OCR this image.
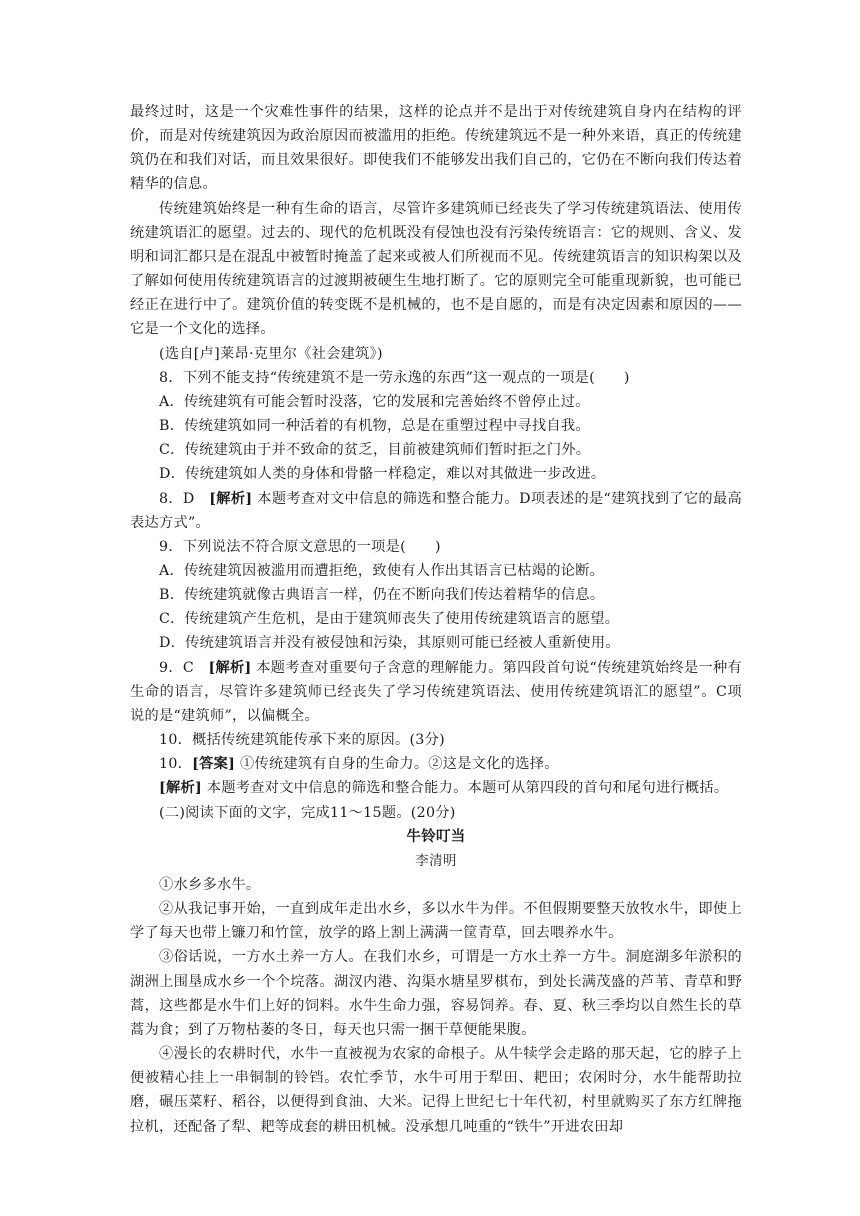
最终过时，这是一个灾难性事件的结果，这样的论点并不是出于对传统建筑自身内在结构的评价，而是对传统建筑因为政治原因而被滥用的拒绝。传统建筑远不是一种外来语，真正的传统建筑仍在和我们对话，而且效果很好。即使我们不能够发出我们自己的，它仍在不断向我们传达着精华的信息。

传统建筑始终是一种有生命的语言，尽管许多建筑师已经丧失了学习传统建筑语法、使用传统建筑语汇的愿望。过去的、现代的危机既没有侵蚀也没有污染传统语言：它的规则、含义、发明和词汇都只是在混乱中被暂时掩盖了起来或被人们所视而不见。传统建筑语言的知识构架以及了解如何使用传统建筑语言的过渡期被硬生生地打断了。它的原则完全可能重现新貌，也可能已经正在进行中了。建筑价值的转变既不是机械的，也不是自愿的，而是有决定因素和原因的——它是一个文化的选择。

(选自[卢]莱昂·克里尔《社会建筑》)

8．下列不能支持“传统建筑不是一劳永逸的东西”这一观点的一项是(　　)

A．传统建筑有可能会暂时没落，它的发展和完善始终不曾停止过。

B．传统建筑如同一种活着的有机物，总是在重塑过程中寻找自我。

C．传统建筑由于并不致命的贫乏，目前被建筑师们暂时拒之门外。

D．传统建筑如人类的身体和骨骼一样稳定，难以对其做进一步改进。

8．D　[解析] 本题考查对文中信息的筛选和整合能力。D项表述的是“建筑找到了它的最高表达方式”。

9．下列说法不符合原文意思的一项是(　　)

A．传统建筑因被滥用而遭拒绝，致使有人作出其语言已枯竭的论断。

B．传统建筑就像古典语言一样，仍在不断向我们传达着精华的信息。

C．传统建筑产生危机，是由于建筑师丧失了使用传统建筑语言的愿望。

D．传统建筑语言并没有被侵蚀和污染，其原则可能已经被人重新使用。

9．C　[解析] 本题考查对重要句子含意的理解能力。第四段首句说“传统建筑始终是一种有生命的语言，尽管许多建筑师已经丧失了学习传统建筑语法、使用传统建筑语汇的愿望”。C项说的是“建筑师”，以偏概全。

10．概括传统建筑能传承下来的原因。(3分)

10．[答案] ①传统建筑有自身的生命力。②这是文化的选择。

[解析] 本题考查对文中信息的筛选和整合能力。本题可从第四段的首句和尾句进行概括。

(二)阅读下面的文字，完成11～15题。(20分)

牛铃叮当

李清明

①水乡多水牛。

②从我记事开始，一直到成年走出水乡，多以水牛为伴。不但假期要整天放牧水牛，即使上学了每天也带上镰刀和竹筐，放学的路上割上满满一筐青草，回去喂养水牛。

③俗话说，一方水土养一方人。在我们水乡，可谓是一方水土养一方牛。洞庭湖多年淤积的湖洲上围垦成水乡一个个垸落。湖汊内港、沟渠水塘星罗棋布，到处长满茂盛的芦苇、青草和野蒿，这些都是水牛们上好的饲料。水牛生命力强，容易饲养。春、夏、秋三季均以自然生长的草蒿为食；到了万物枯萎的冬日，每天也只需一捆干草便能果腹。

④漫长的农耕时代，水牛一直被视为农家的命根子。从牛犊学会走路的那天起，它的脖子上便被精心挂上一串铜制的铃铛。农忙季节，水牛可用于犁田、耙田；农闲时分，水牛能帮助拉磨，碾压菜籽、稻谷，以便得到食油、大米。记得上世纪七十年代初，村里就购买了东方红牌拖拉机，还配备了犁、耙等成套的耕田机械。没承想几吨重的“铁牛”开进农田却
